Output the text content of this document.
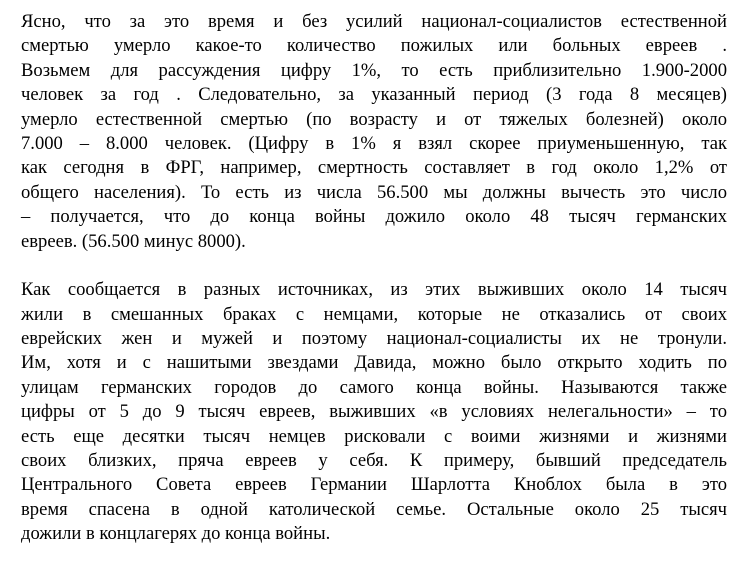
Ясно, что за это время и без усилий национал-социалистов естественной
смертью умерло какое-то количество пожилых или больных евреев .
Возьмем для рассуждения цифру 1%, то есть приблизительно 1.900-2000
человек за год . Следовательно, за указанный период (3 года 8 месяцев)
умерло естественной смертью (по возрасту и от тяжелых болезней) около
7.000 – 8.000 человек. (Цифру в 1% я взял скорее приуменьшенную, так
как сегодня в ФРГ, например, смертность составляет в год около 1,2% от
общего населения). То есть из числа 56.500 мы должны вычесть это число
– получается, что до конца войны дожило около 48 тысяч германских
евреев. (56.500 минус 8000).
Как сообщается в разных источниках, из этих выживших около 14 тысяч
жили в смешанных браках с немцами, которые не отказались от своих
еврейских жен и мужей и поэтому национал-социалисты их не тронули.
Им, хотя и с нашитыми звездами Давида, можно было открыто ходить по
улицам германских городов до самого конца войны. Называются также
цифры от 5 до 9 тысяч евреев, выживших «в условиях нелегальности» – то
есть еще десятки тысяч немцев рисковали с воими жизнями и жизнями
своих близких, пряча евреев у себя. К примеру, бывший председатель
Центрального Совета евреев Германии Шарлотта Кноблох была в это
время спасена в одной католической семье. Остальные около 25 тысяч
дожили в концлагерях до конца войны.
